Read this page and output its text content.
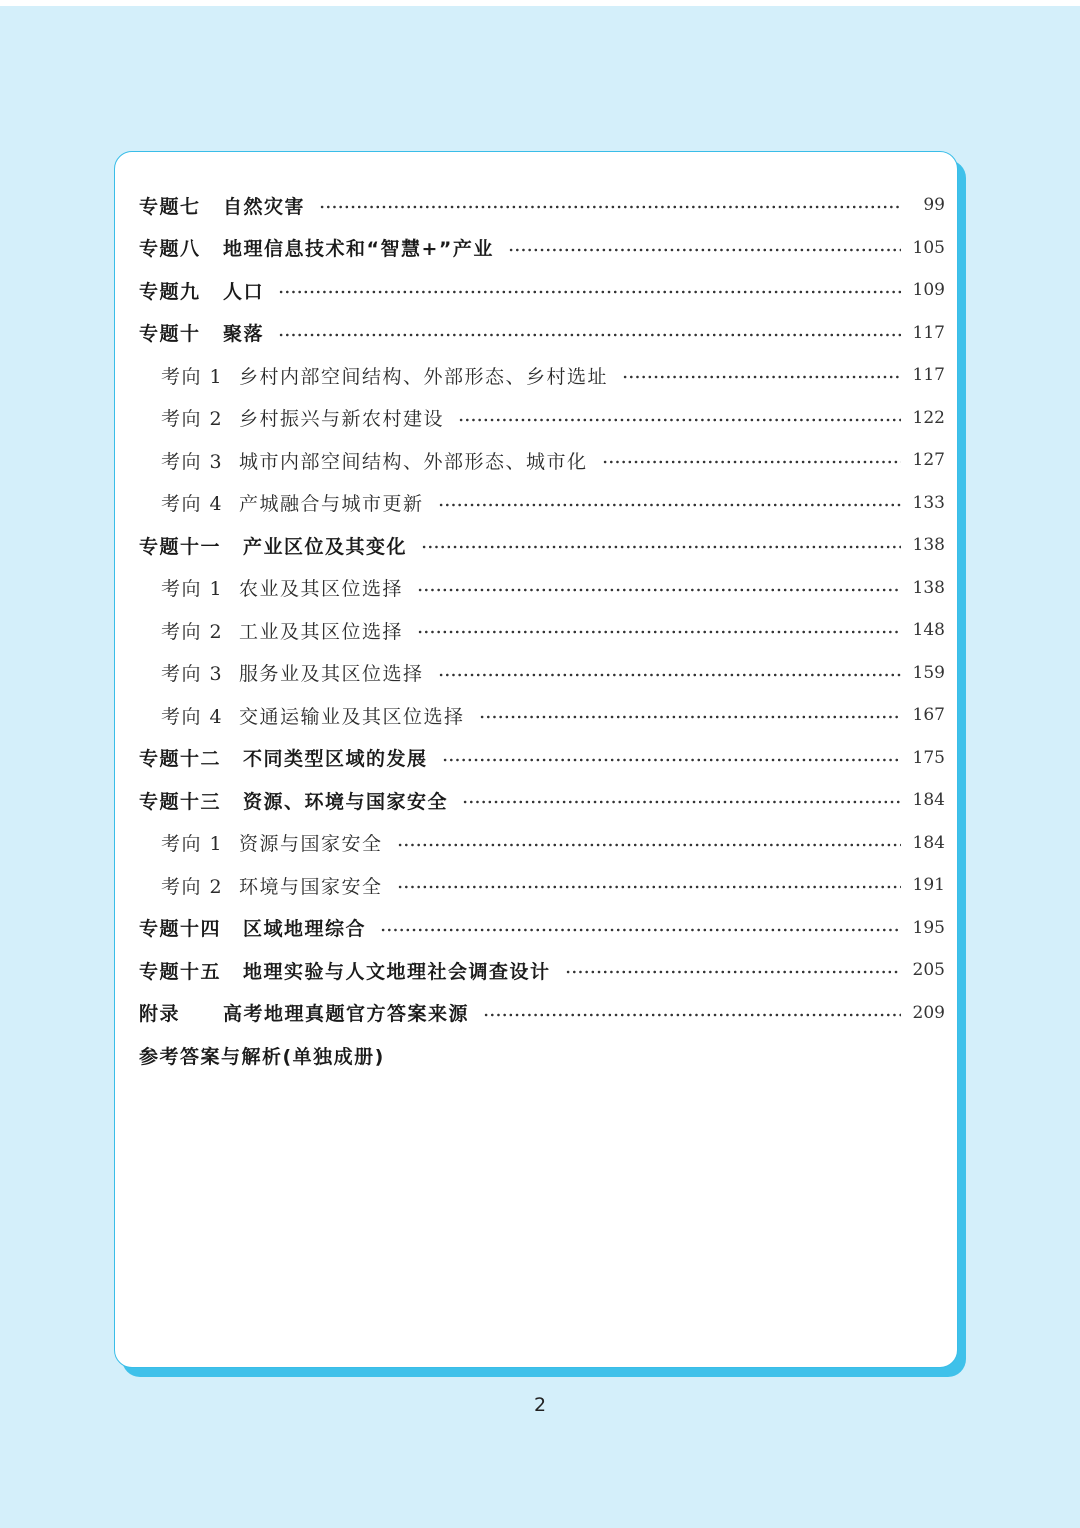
专题七 自然灾害	99
专题八 地理信息技术和“智慧+”产业	105
专题九 人口	109
专题十 聚落	117
考向 1 乡村内部空间结构、外部形态、乡村选址	117
考向 2 乡村振兴与新农村建设	122
考向 3 城市内部空间结构、外部形态、城市化	127
考向 4 产城融合与城市更新	133
专题十一 产业区位及其变化	138
考向 1 农业及其区位选择	138
考向 2 工业及其区位选择	148
考向 3 服务业及其区位选择	159
考向 4 交通运输业及其区位选择	167
专题十二 不同类型区域的发展	175
专题十三 资源、环境与国家安全	184
考向 1 资源与国家安全	184
考向 2 环境与国家安全	191
专题十四 区域地理综合	195
专题十五 地理实验与人文地理社会调查设计	205
附录 高考地理真题官方答案来源	209
参考答案与解析(单独成册)
2
